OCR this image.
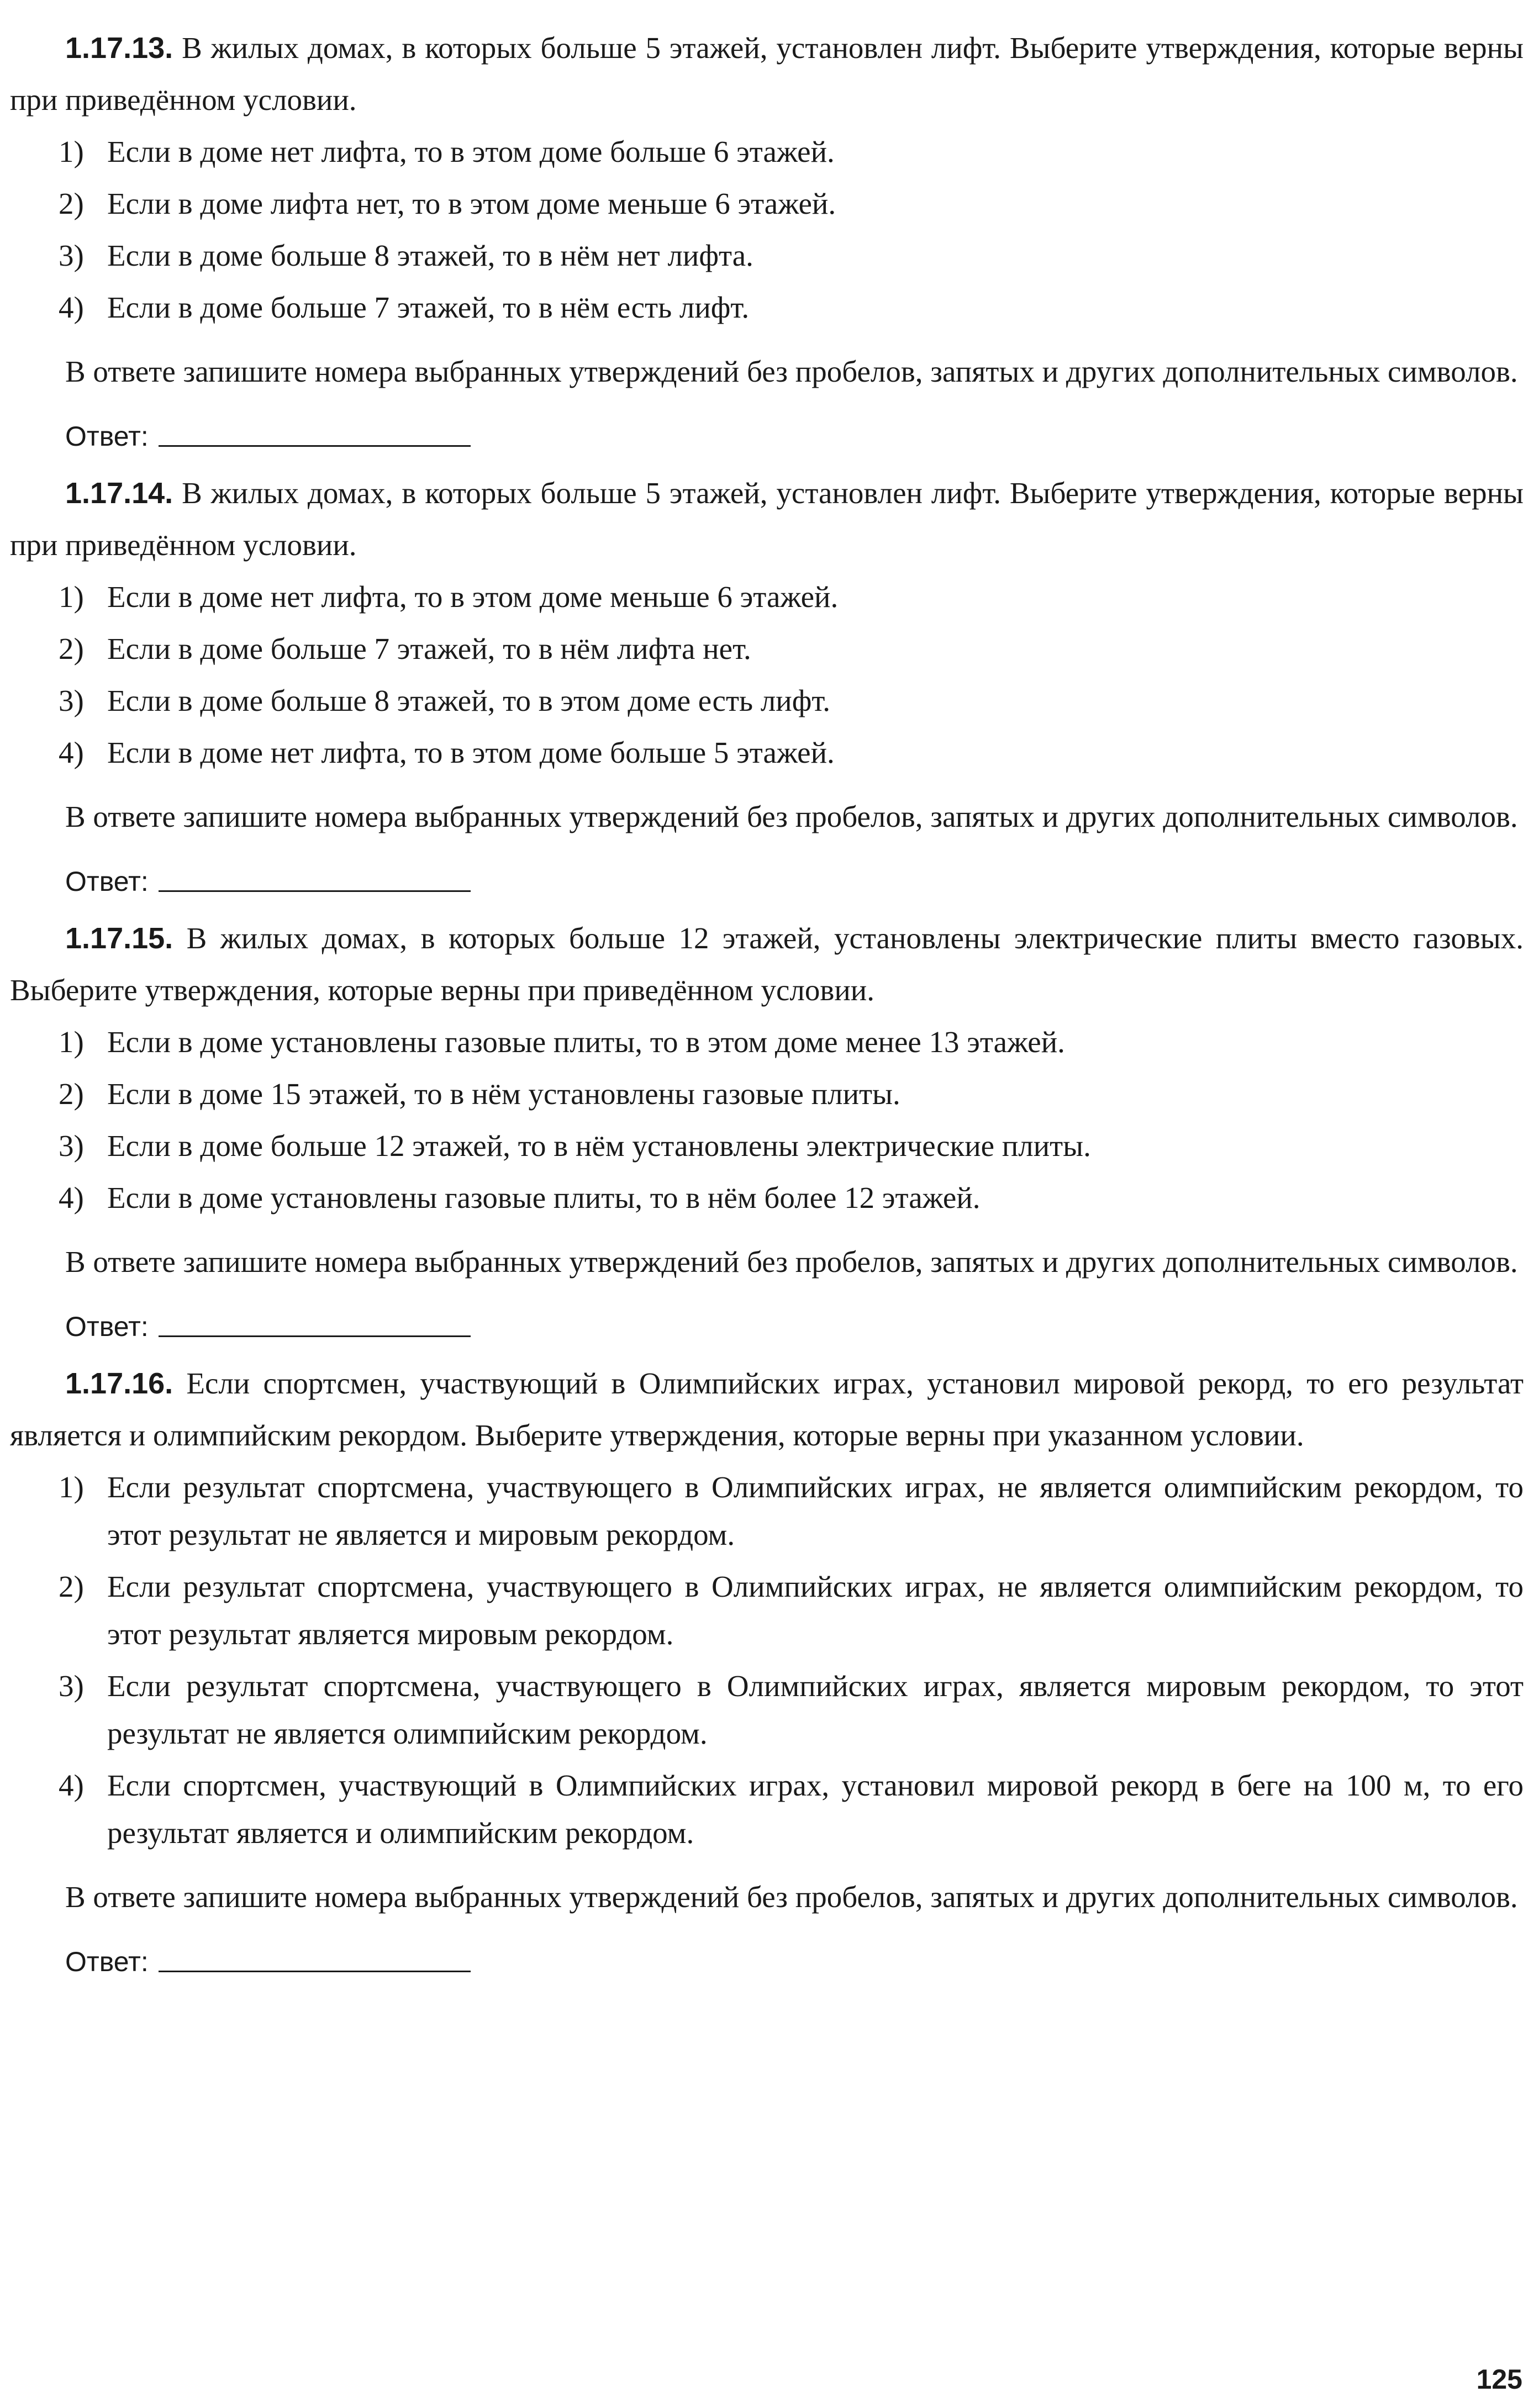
1.17.13. В жилых домах, в которых больше 5 этажей, установлен лифт. Выберите утверждения, которые верны при приведённом условии.

1) Если в доме нет лифта, то в этом доме больше 6 этажей.
2) Если в доме лифта нет, то в этом доме меньше 6 этажей.
3) Если в доме больше 8 этажей, то в нём нет лифта.
4) Если в доме больше 7 этажей, то в нём есть лифт.

В ответе запишите номера выбранных утверждений без пробелов, запятых и других дополнительных символов.

Ответ:

1.17.14. В жилых домах, в которых больше 5 этажей, установлен лифт. Выберите утверждения, которые верны при приведённом условии.

1) Если в доме нет лифта, то в этом доме меньше 6 этажей.
2) Если в доме больше 7 этажей, то в нём лифта нет.
3) Если в доме больше 8 этажей, то в этом доме есть лифт.
4) Если в доме нет лифта, то в этом доме больше 5 этажей.

В ответе запишите номера выбранных утверждений без пробелов, запятых и других дополнительных символов.

Ответ:

1.17.15. В жилых домах, в которых больше 12 этажей, установлены электрические плиты вместо газовых. Выберите утверждения, которые верны при приведённом условии.

1) Если в доме установлены газовые плиты, то в этом доме менее 13 этажей.
2) Если в доме 15 этажей, то в нём установлены газовые плиты.
3) Если в доме больше 12 этажей, то в нём установлены электрические плиты.
4) Если в доме установлены газовые плиты, то в нём более 12 этажей.

В ответе запишите номера выбранных утверждений без пробелов, запятых и других дополнительных символов.

Ответ:

1.17.16. Если спортсмен, участвующий в Олимпийских играх, установил мировой рекорд, то его результат является и олимпийским рекордом. Выберите утверждения, которые верны при указанном условии.

1) Если результат спортсмена, участвующего в Олимпийских играх, не является олимпийским рекордом, то этот результат не является и мировым рекордом.
2) Если результат спортсмена, участвующего в Олимпийских играх, не является олимпийским рекордом, то этот результат является мировым рекордом.
3) Если результат спортсмена, участвующего в Олимпийских играх, является мировым рекордом, то этот результат не является олимпийским рекордом.
4) Если спортсмен, участвующий в Олимпийских играх, установил мировой рекорд в беге на 100 м, то его результат является и олимпийским рекордом.

В ответе запишите номера выбранных утверждений без пробелов, запятых и других дополнительных символов.

Ответ:
125
